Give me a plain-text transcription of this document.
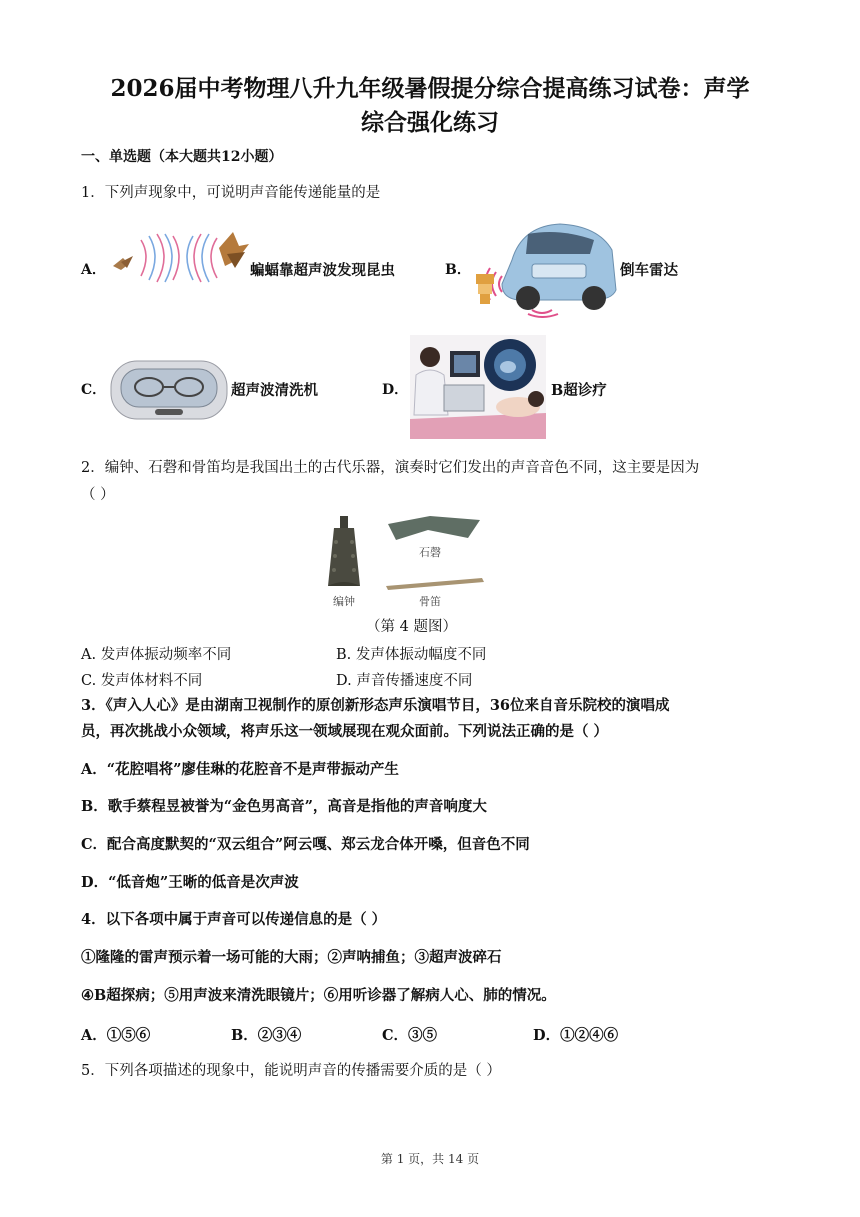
2026届中考物理八升九年级暑假提分综合提高练习试卷：声学
综合强化练习
一、单选题（本大题共12小题）
1．下列声现象中，可说明声音能传递能量的是
A．	蝙蝠靠超声波发现昆虫	B．	倒车雷达
C．	超声波清洗机	D．	B超诊疗
2．编钟、石磬和骨笛均是我国出土的古代乐器，演奏时它们发出的声音音色不同，这主要是因为
（ ）
编钟
石磬
骨笛
（第 4 题图）
A. 发声体振动频率不同	B. 发声体振动幅度不同
C. 发声体材料不同	D. 声音传播速度不同
3．《声入人心》是由湖南卫视制作的原创新形态声乐演唱节目，36位来自音乐院校的演唱成
员，再次挑战小众领域，将声乐这一领域展现在观众面前。下列说法正确的是（ ）
A．“花腔唱将”廖佳琳的花腔音不是声带振动产生
B．歌手蔡程昱被誉为“金色男高音”，高音是指他的声音响度大
C．配合高度默契的“双云组合”阿云嘎、郑云龙合体开嗓，但音色不同
D．“低音炮”王晰的低音是次声波
4．以下各项中属于声音可以传递信息的是（ ）
①隆隆的雷声预示着一场可能的大雨；②声呐捕鱼；③超声波碎石
④B超探病；⑤用声波来清洗眼镜片；⑥用听诊器了解病人心、肺的情况。
A．①⑤⑥	B．②③④	C．③⑤	D．①②④⑥
5．下列各项描述的现象中，能说明声音的传播需要介质的是（ ）
第 1 页，共 14 页
